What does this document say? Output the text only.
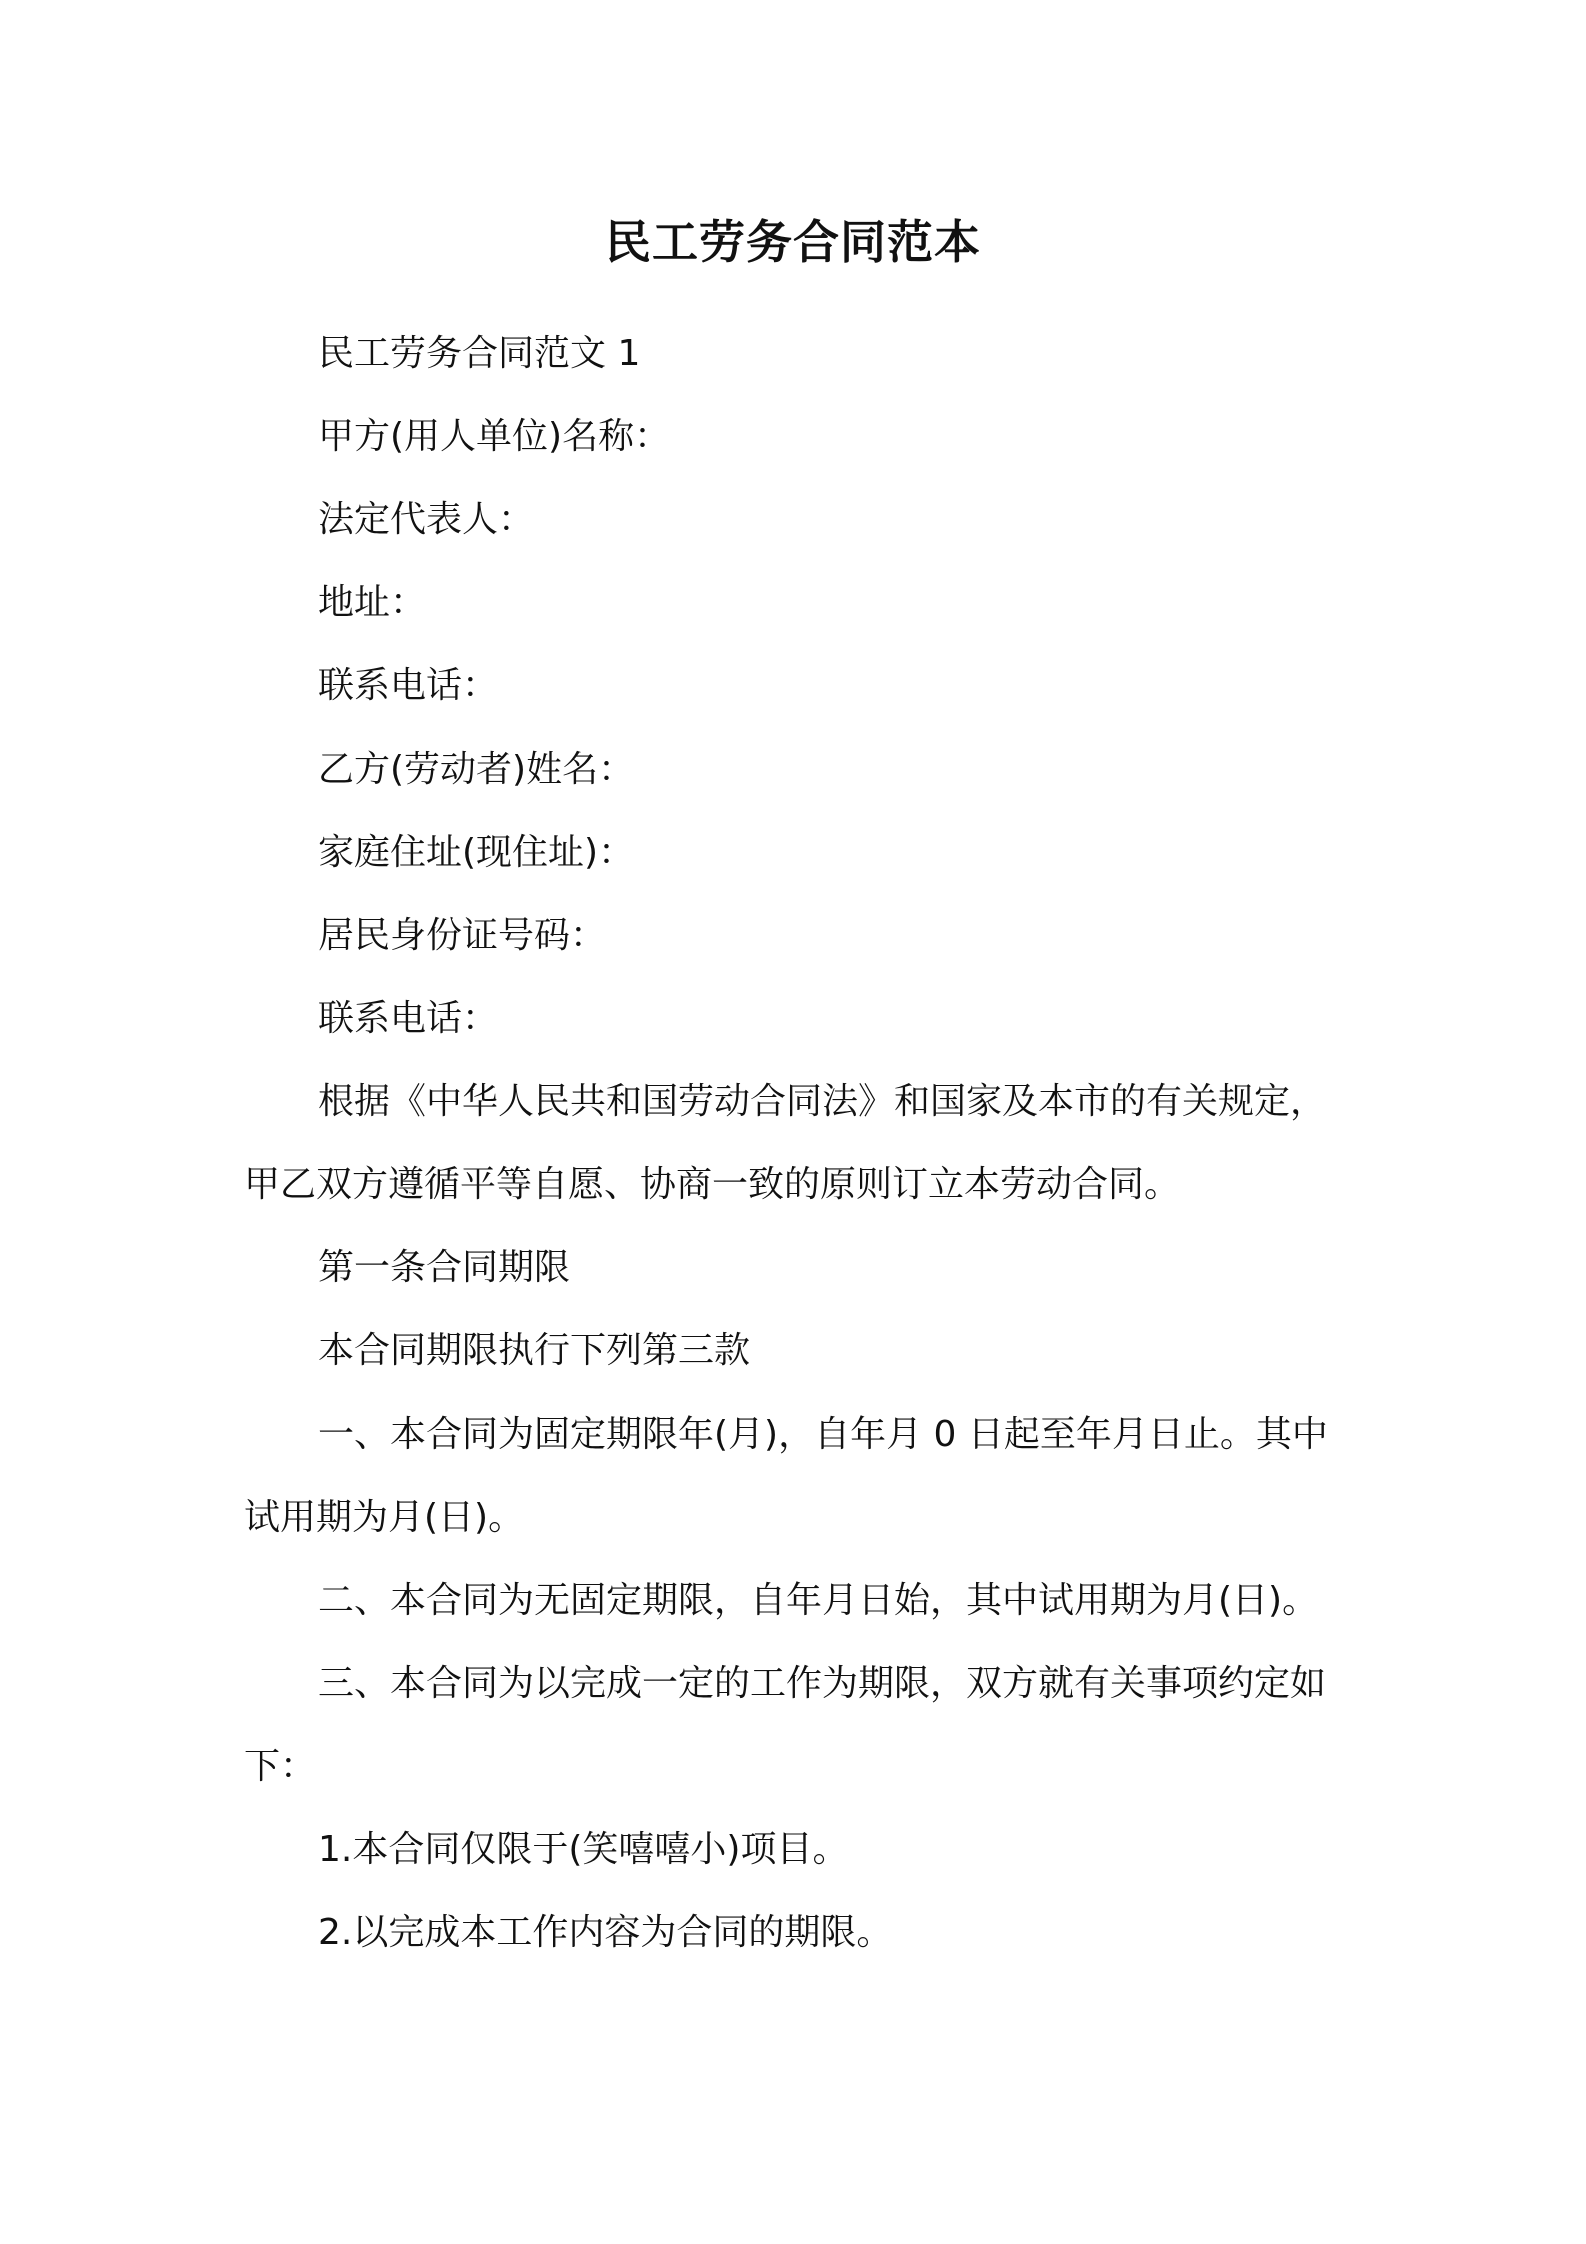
民工劳务合同范本
民工劳务合同范文 1
甲方(用人单位)名称：
法定代表人：
地址：
联系电话：
乙方(劳动者)姓名：
家庭住址(现住址)：
居民身份证号码：
联系电话：
根据《中华人民共和国劳动合同法》和国家及本市的有关规定，
甲乙双方遵循平等自愿、协商一致的原则订立本劳动合同。
第一条合同期限
本合同期限执行下列第三款
一、本合同为固定期限年(月)，自年月 0 日起至年月日止。其中
试用期为月(日)。
二、本合同为无固定期限，自年月日始，其中试用期为月(日)。
三、本合同为以完成一定的工作为期限，双方就有关事项约定如
下：
1.本合同仅限于(笑嘻嘻小)项目。
2.以完成本工作内容为合同的期限。
